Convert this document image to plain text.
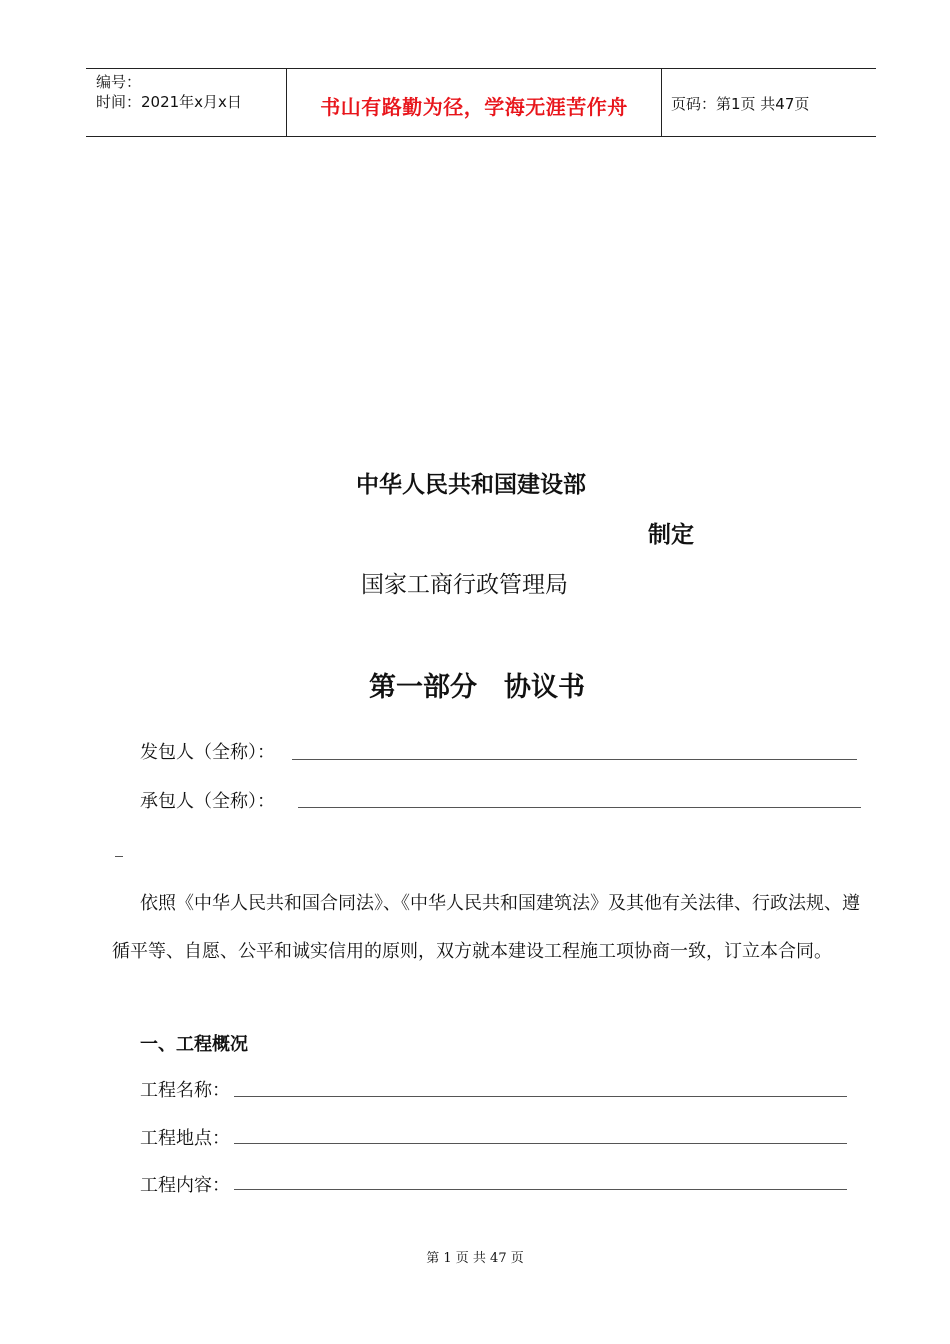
编号：
时间：2021年x月x日	书山有路勤为径，学海无涯苦作舟	页码：第1页 共47页
中华人民共和国建设部
制定
国家工商行政管理局
第一部分　协议书
发包人（全称）：
承包人（全称）：
依照《中华人民共和国合同法》、《中华人民共和国建筑法》及其他有关法律、行政法规、遵循平等、自愿、公平和诚实信用的原则，双方就本建设工程施工项协商一致，订立本合同。
一、工程概况
工程名称：
工程地点：
工程内容：
第 1 页 共 47 页
